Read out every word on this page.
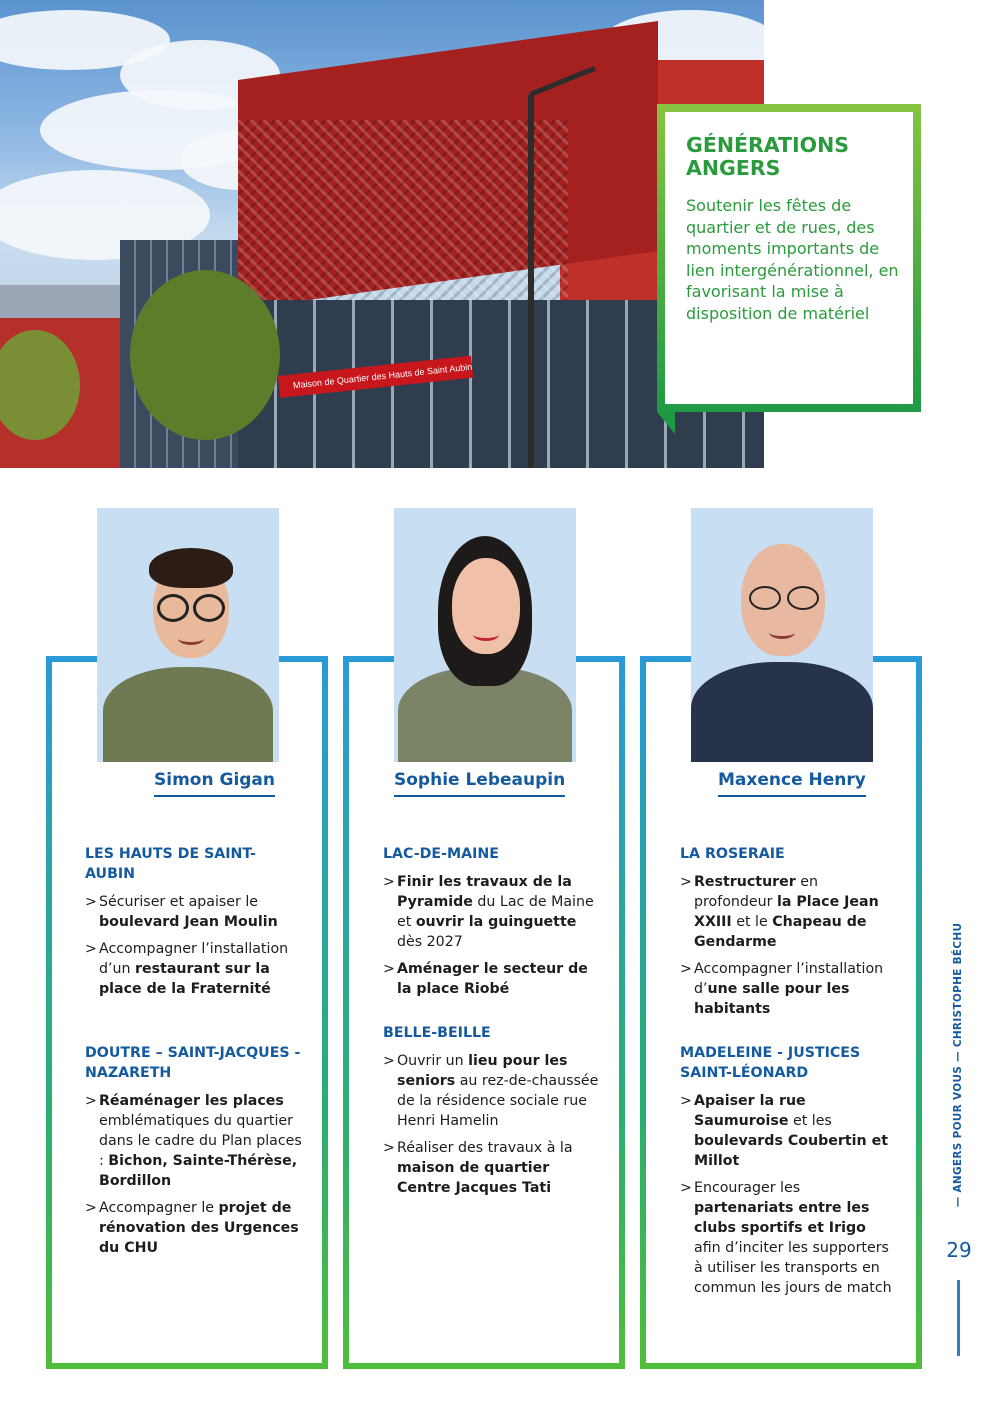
Maison de Quartier des Hauts de Saint Aubin
GÉNÉRATIONS ANGERS

Soutenir les fêtes de quartier et de rues, des moments importants de lien intergénérationnel, en favorisant la mise à disposition de matériel

Simon Gigan

LES HAUTS DE SAINT-AUBIN

> Sécuriser et apaiser le boulevard Jean Moulin

> Accompagner l’installation d’un restaurant sur la place de la Fraternité

DOUTRE – SAINT-JACQUES - NAZARETH

> Réaménager les places emblématiques du quartier dans le cadre du Plan places : Bichon, Sainte-Thérèse, Bordillon

> Accompagner le projet de rénovation des Urgences du CHU

Sophie Lebeaupin

LAC-DE-MAINE

> Finir les travaux de la Pyramide du Lac de Maine et ouvrir la guinguette dès 2027

> Aménager le secteur de la place Riobé

BELLE-BEILLE

> Ouvrir un lieu pour les seniors au rez-de-chaussée de la résidence sociale rue Henri Hamelin

> Réaliser des travaux à la maison de quartier Centre Jacques Tati

Maxence Henry

LA ROSERAIE

> Restructurer en profondeur la Place Jean XXIII et le Chapeau de Gendarme

> Accompagner l’installation d’une salle pour les habitants

MADELEINE - JUSTICES SAINT-LÉONARD

> Apaiser la rue Saumuroise et les boulevards Coubertin et Millot

> Encourager les partenariats entre les clubs sportifs et Irigo afin d’inciter les supporters à utiliser les transports en commun les jours de match

— ANGERS POUR VOUS — CHRISTOPHE BÉCHU
29
